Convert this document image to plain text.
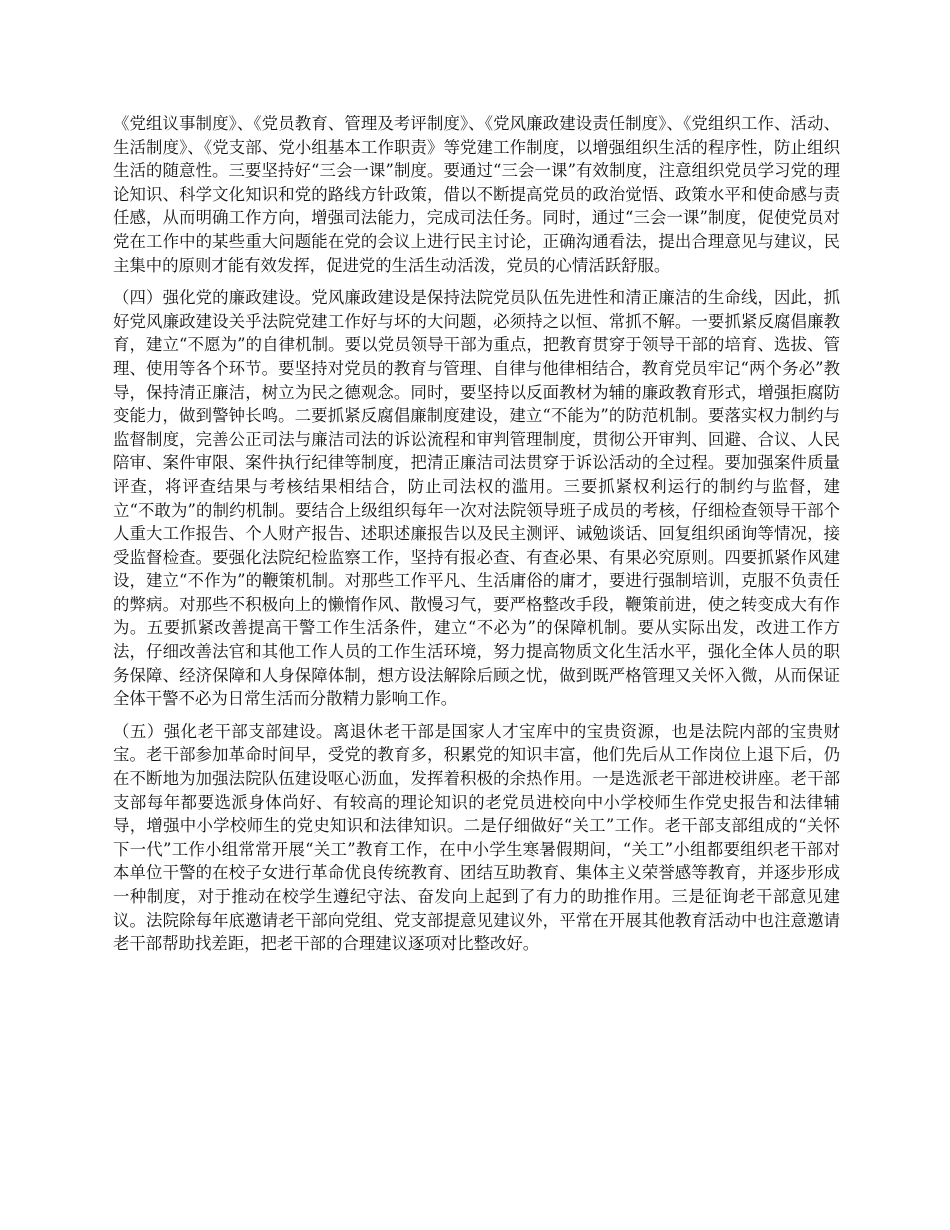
《党组议事制度》、《党员教育、管理及考评制度》、《党风廉政建设责任制度》、《党组织工作、活动、生活制度》、《党支部、党小组基本工作职责》等党建工作制度，以增强组织生活的程序性，防止组织生活的随意性。三要坚持好“三会一课”制度。要通过“三会一课”有效制度，注意组织党员学习党的理论知识、科学文化知识和党的路线方针政策，借以不断提高党员的政治觉悟、政策水平和使命感与责任感，从而明确工作方向，增强司法能力，完成司法任务。同时，通过“三会一课”制度，促使党员对党在工作中的某些重大问题能在党的会议上进行民主讨论，正确沟通看法，提出合理意见与建议，民主集中的原则才能有效发挥，促进党的生活生动活泼，党员的心情活跃舒服。

（四）强化党的廉政建设。党风廉政建设是保持法院党员队伍先进性和清正廉洁的生命线，因此，抓好党风廉政建设关乎法院党建工作好与坏的大问题，必须持之以恒、常抓不解。一要抓紧反腐倡廉教育，建立“不愿为”的自律机制。要以党员领导干部为重点，把教育贯穿于领导干部的培育、选拔、管理、使用等各个环节。要坚持对党员的教育与管理、自律与他律相结合，教育党员牢记“两个务必”教导，保持清正廉洁，树立为民之德观念。同时，要坚持以反面教材为辅的廉政教育形式，增强拒腐防变能力，做到警钟长鸣。二要抓紧反腐倡廉制度建设，建立“不能为”的防范机制。要落实权力制约与监督制度，完善公正司法与廉洁司法的诉讼流程和审判管理制度，贯彻公开审判、回避、合议、人民陪审、案件审限、案件执行纪律等制度，把清正廉洁司法贯穿于诉讼活动的全过程。要加强案件质量评查，将评查结果与考核结果相结合，防止司法权的滥用。三要抓紧权利运行的制约与监督，建立“不敢为”的制约机制。要结合上级组织每年一次对法院领导班子成员的考核，仔细检查领导干部个人重大工作报告、个人财产报告、述职述廉报告以及民主测评、诫勉谈话、回复组织函询等情况，接受监督检查。要强化法院纪检监察工作，坚持有报必查、有查必果、有果必究原则。四要抓紧作风建设，建立“不作为”的鞭策机制。对那些工作平凡、生活庸俗的庸才，要进行强制培训，克服不负责任的弊病。对那些不积极向上的懒惰作风、散慢习气，要严格整改手段，鞭策前进，使之转变成大有作为。五要抓紧改善提高干警工作生活条件，建立“不必为”的保障机制。要从实际出发，改进工作方法，仔细改善法官和其他工作人员的工作生活环境，努力提高物质文化生活水平，强化全体人员的职务保障、经济保障和人身保障体制，想方设法解除后顾之忧，做到既严格管理又关怀入微，从而保证全体干警不必为日常生活而分散精力影响工作。

（五）强化老干部支部建设。离退休老干部是国家人才宝库中的宝贵资源，也是法院内部的宝贵财宝。老干部参加革命时间早，受党的教育多，积累党的知识丰富，他们先后从工作岗位上退下后，仍在不断地为加强法院队伍建设呕心沥血，发挥着积极的余热作用。一是选派老干部进校讲座。老干部支部每年都要选派身体尚好、有较高的理论知识的老党员进校向中小学校师生作党史报告和法律辅导，增强中小学校师生的党史知识和法律知识。二是仔细做好“关工”工作。老干部支部组成的“关怀下一代”工作小组常常开展“关工”教育工作，在中小学生寒暑假期间，“关工”小组都要组织老干部对本单位干警的在校子女进行革命优良传统教育、团结互助教育、集体主义荣誉感等教育，并逐步形成一种制度，对于推动在校学生遵纪守法、奋发向上起到了有力的助推作用。三是征询老干部意见建议。法院除每年底邀请老干部向党组、党支部提意见建议外，平常在开展其他教育活动中也注意邀请老干部帮助找差距，把老干部的合理建议逐项对比整改好。
